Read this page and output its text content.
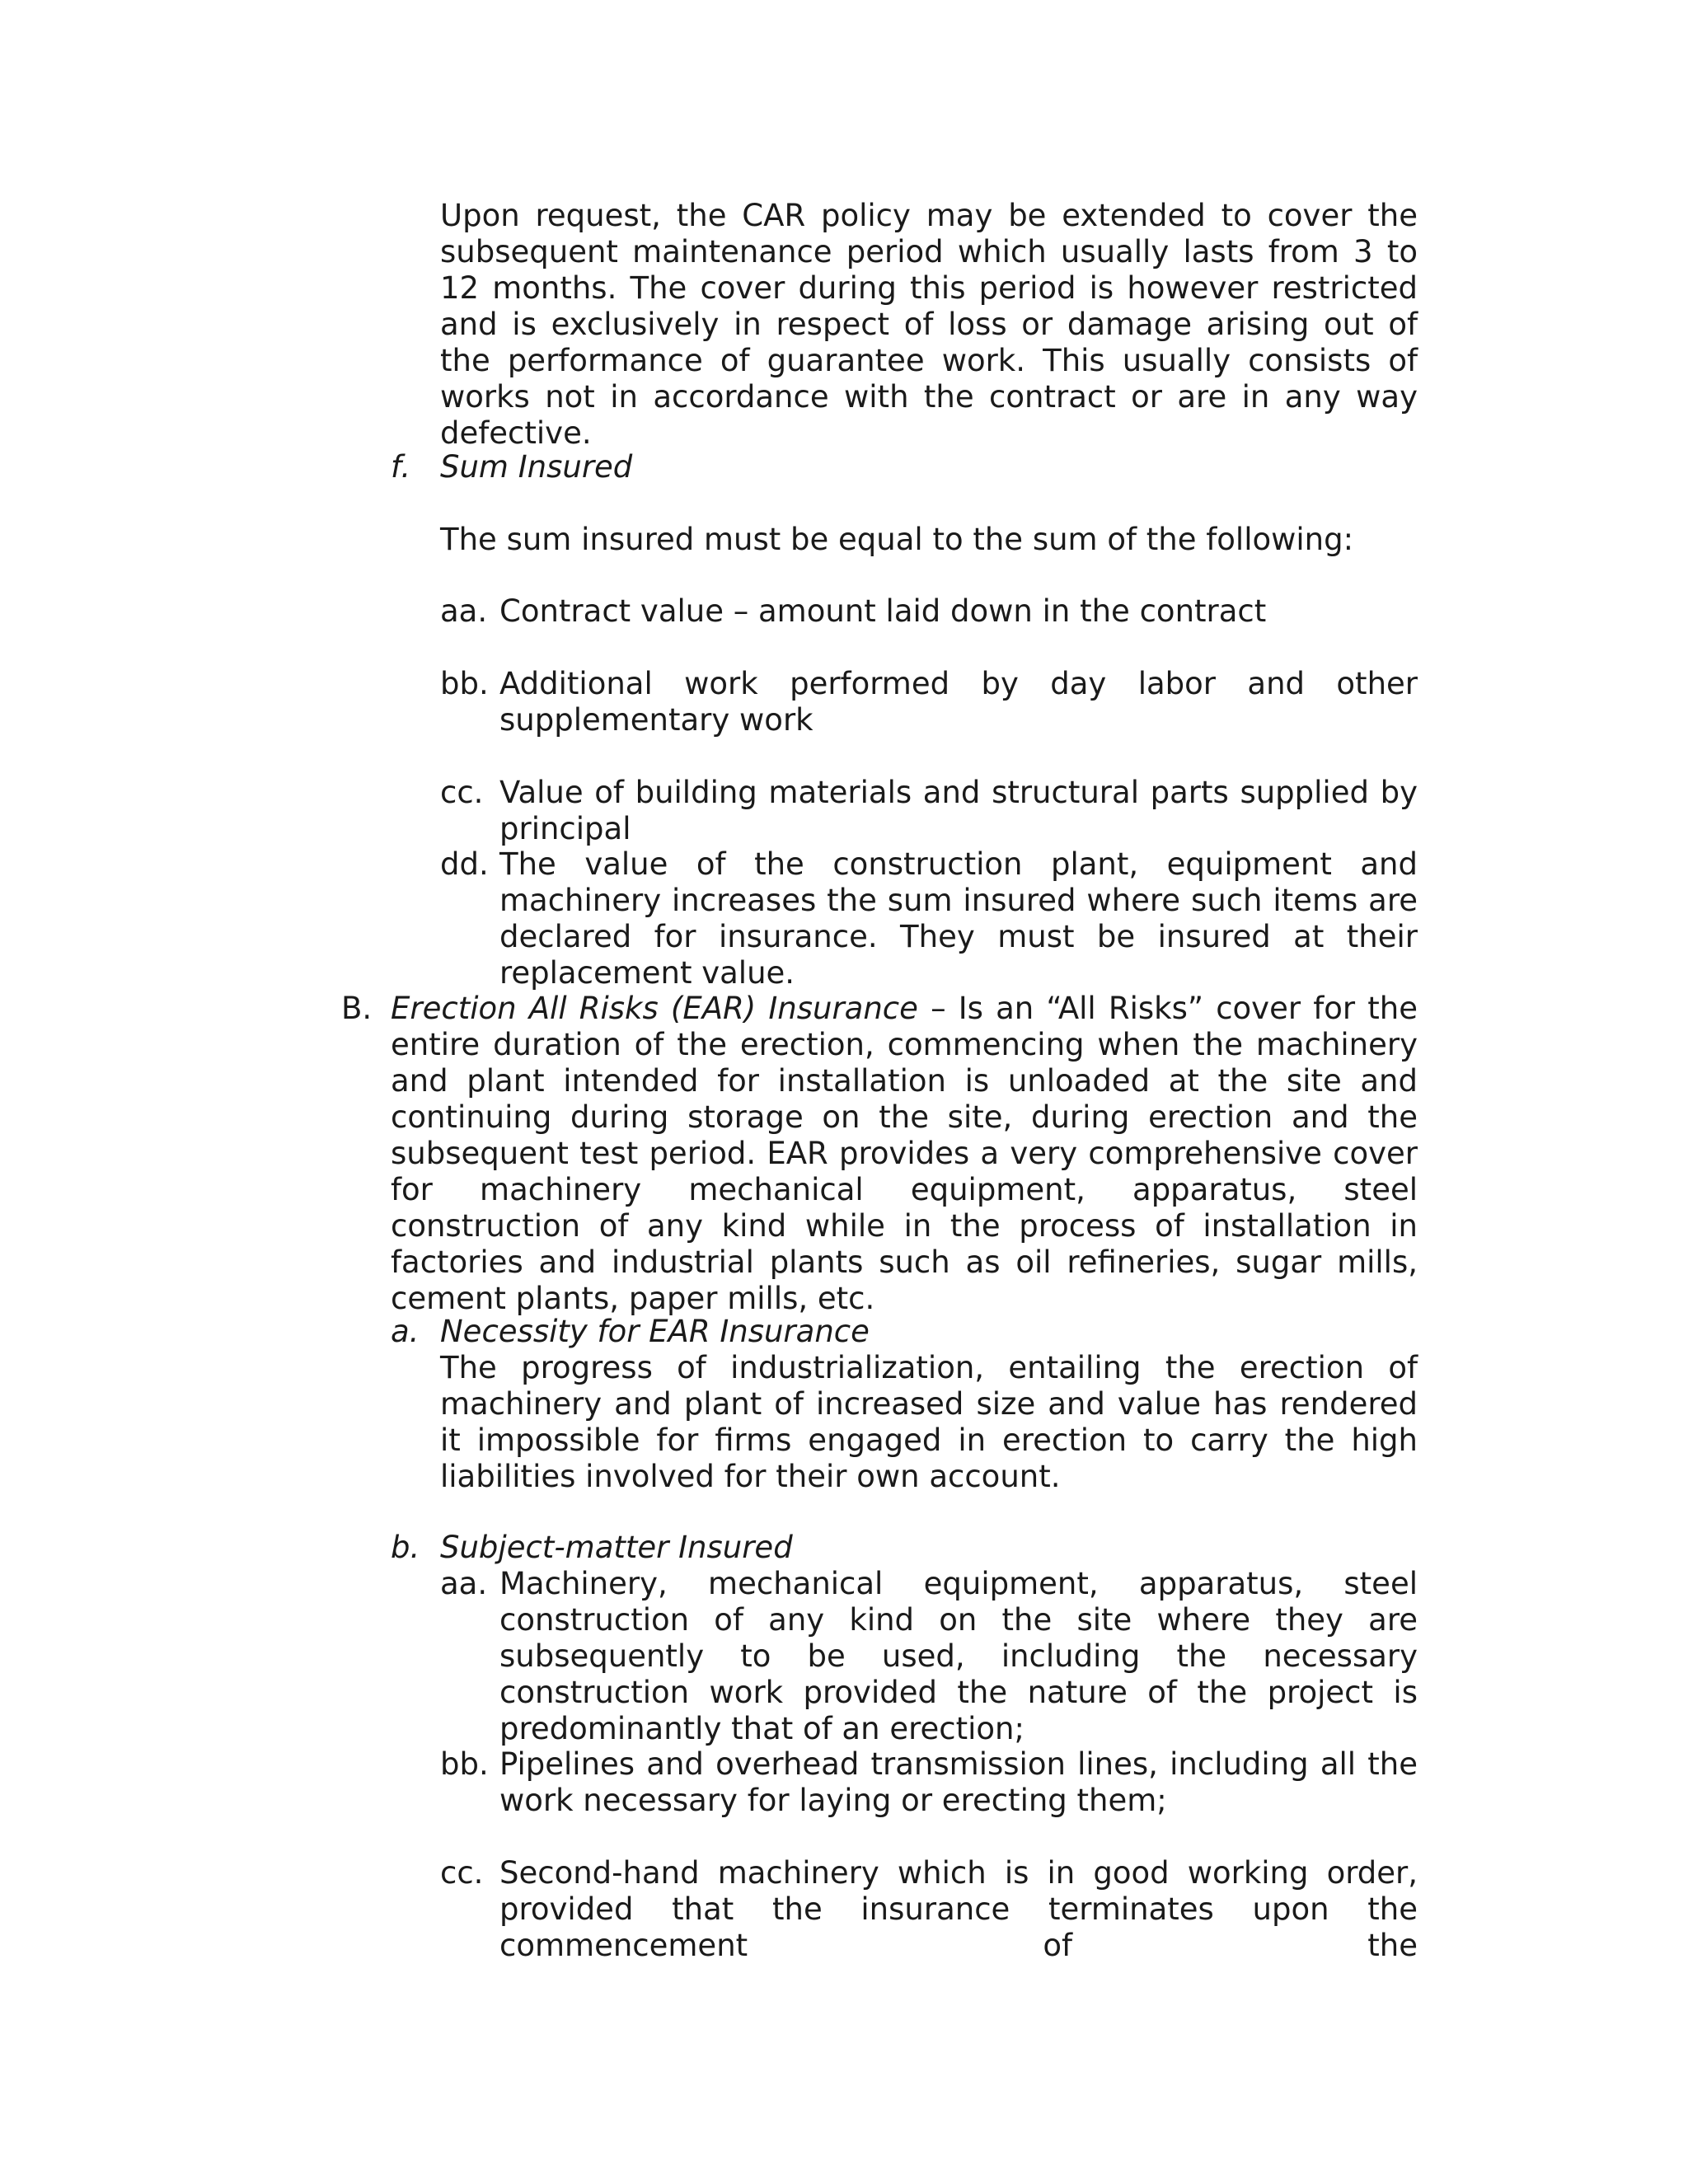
Upon request, the CAR policy may be extended to cover the subsequent maintenance period which usually lasts from 3 to 12 months. The cover during this period is however restricted and is exclusively in respect of loss or damage arising out of the performance of guarantee work. This usually consists of works not in accordance with the contract or are in any way defective.

f. Sum Insured

The sum insured must be equal to the sum of the following:

aa. Contract value – amount laid down in the contract

bb. Additional work performed by day labor and other supplementary work

cc. Value of building materials and structural parts supplied by principal

dd. The value of the construction plant, equipment and machinery increases the sum insured where such items are declared for insurance. They must be insured at their replacement value.

B. Erection All Risks (EAR) Insurance – Is an “All Risks” cover for the entire duration of the erection, commencing when the machinery and plant intended for installation is unloaded at the site and continuing during storage on the site, during erection and the subsequent test period. EAR provides a very comprehensive cover for machinery mechanical equipment, apparatus, steel construction of any kind while in the process of installation in factories and industrial plants such as oil refineries, sugar mills, cement plants, paper mills, etc.

a. Necessity for EAR Insurance

The progress of industrialization, entailing the erection of machinery and plant of increased size and value has rendered it impossible for firms engaged in erection to carry the high liabilities involved for their own account.

b. Subject-matter Insured
aa. Machinery, mechanical equipment, apparatus, steel construction of any kind on the site where they are subsequently to be used, including the necessary construction work provided the nature of the project is predominantly that of an erection;

bb. Pipelines and overhead transmission lines, including all the work necessary for laying or erecting them;

cc. Second-hand machinery which is in good working order, provided that the insurance terminates upon the commencement of the
